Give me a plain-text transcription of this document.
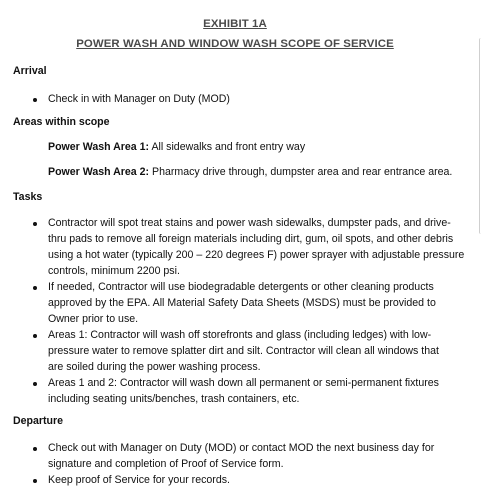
EXHIBIT 1A
POWER WASH AND WINDOW WASH SCOPE OF SERVICE
Arrival
Check in with Manager on Duty (MOD)
Areas within scope
Power Wash Area 1: All sidewalks and front entry way
Power Wash Area 2: Pharmacy drive through, dumpster area and rear entrance area.
Tasks
Contractor will spot treat stains and power wash sidewalks, dumpster pads, and drive-
thru pads to remove all foreign materials including dirt, gum, oil spots, and other debris
using a hot water (typically 200 – 220 degrees F) power sprayer with adjustable pressure
controls, minimum 2200 psi.
If needed, Contractor will use biodegradable detergents or other cleaning products
approved by the EPA. All Material Safety Data Sheets (MSDS) must be provided to
Owner prior to use.
Areas 1: Contractor will wash off storefronts and glass (including ledges) with low-
pressure water to remove splatter dirt and silt. Contractor will clean all windows that
are soiled during the power washing process.
Areas 1 and 2: Contractor will wash down all permanent or semi-permanent fixtures
including seating units/benches, trash containers, etc.
Departure
Check out with Manager on Duty (MOD) or contact MOD the next business day for
signature and completion of Proof of Service form.
Keep proof of Service for your records.
